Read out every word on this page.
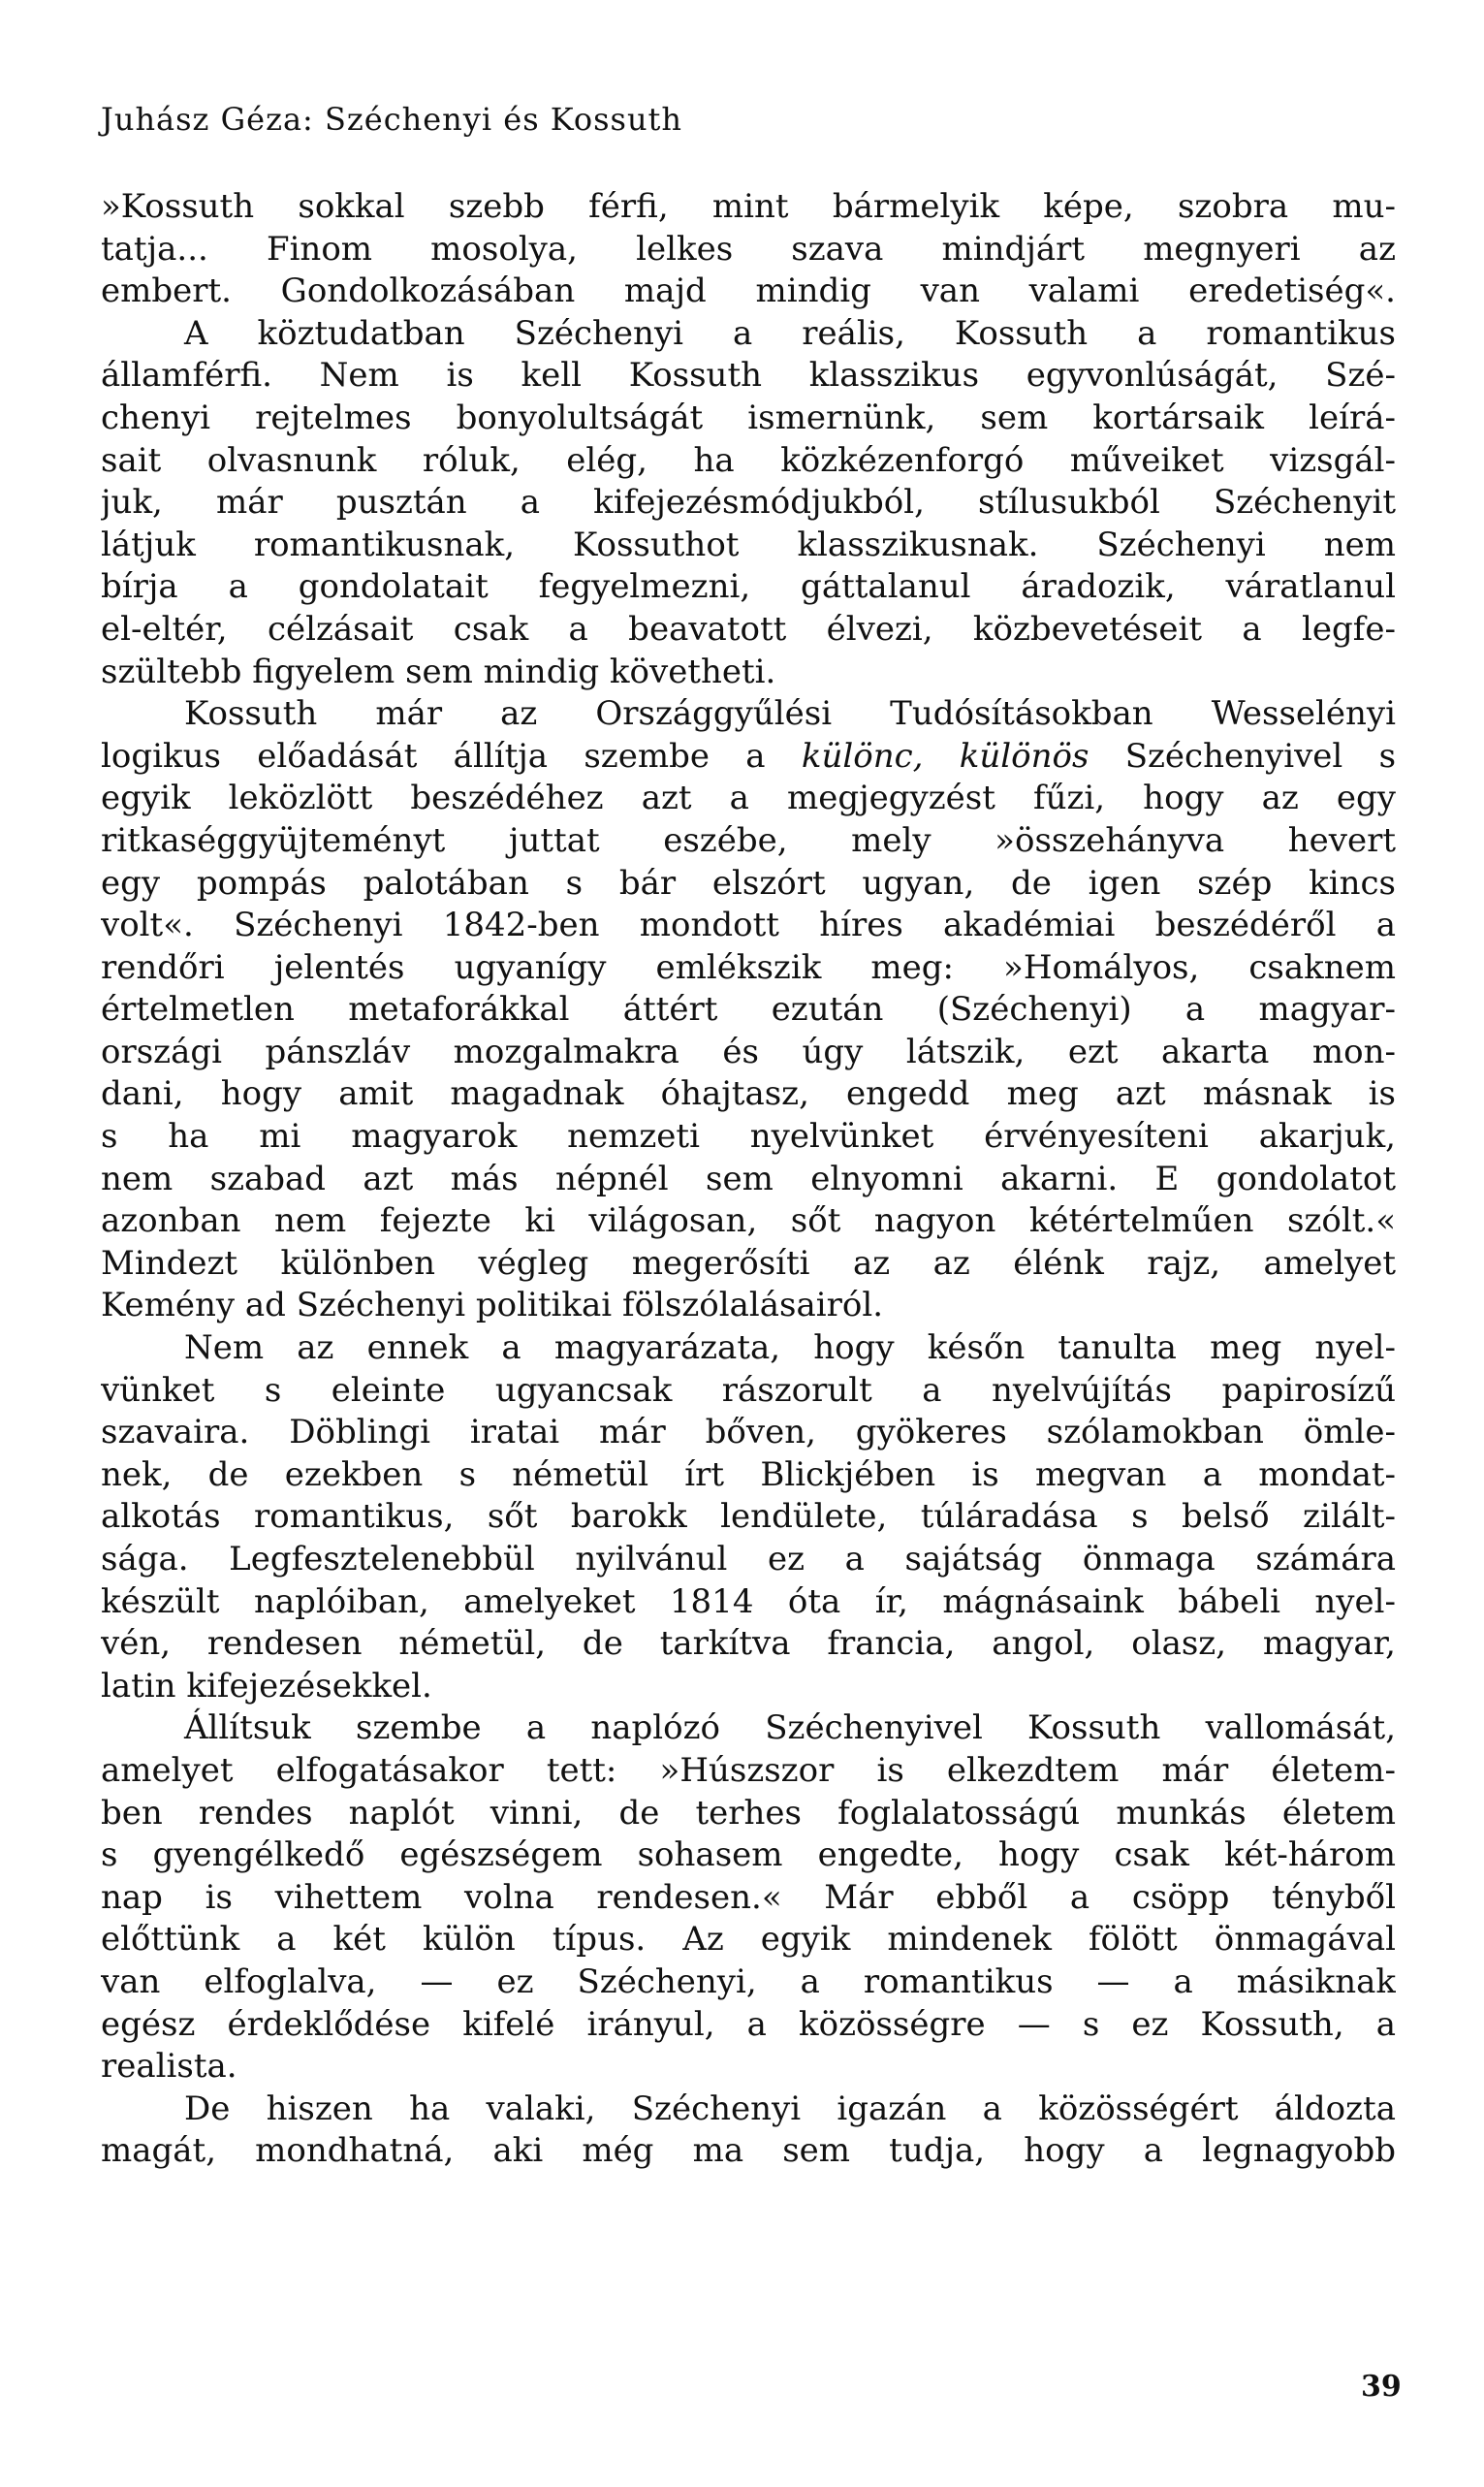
Juhász Géza: Széchenyi és Kossuth
»Kossuth sokkal szebb férfi, mint bármelyik képe, szobra mu-
tatja... Finom mosolya, lelkes szava mindjárt megnyeri az
embert. Gondolkozásában majd mindig van valami eredetiség«.
A köztudatban Széchenyi a reális, Kossuth a romantikus
államférfi. Nem is kell Kossuth klasszikus egyvonlúságát, Szé-
chenyi rejtelmes bonyolultságát ismernünk, sem kortársaik leírá-
sait olvasnunk róluk, elég, ha közkézenforgó műveiket vizsgál-
juk, már pusztán a kifejezésmódjukból, stílusukból Széchenyit
látjuk romantikusnak, Kossuthot klasszikusnak. Széchenyi nem
bírja a gondolatait fegyelmezni, gáttalanul áradozik, váratlanul
el-eltér, célzásait csak a beavatott élvezi, közbevetéseit a legfe-
szültebb figyelem sem mindig követheti.
Kossuth már az Országgyűlési Tudósításokban Wesselényi
logikus előadását állítja szembe a különc, különös Széchenyivel s
egyik leközlött beszédéhez azt a megjegyzést fűzi, hogy az egy
ritkaséggyüjteményt juttat eszébe, mely »összehányva hevert
egy pompás palotában s bár elszórt ugyan, de igen szép kincs
volt«. Széchenyi 1842-ben mondott híres akadémiai beszédéről a
rendőri jelentés ugyanígy emlékszik meg: »Homályos, csaknem
értelmetlen metaforákkal áttért ezután (Széchenyi) a magyar-
országi pánszláv mozgalmakra és úgy látszik, ezt akarta mon-
dani, hogy amit magadnak óhajtasz, engedd meg azt másnak is
s ha mi magyarok nemzeti nyelvünket érvényesíteni akarjuk,
nem szabad azt más népnél sem elnyomni akarni. E gondolatot
azonban nem fejezte ki világosan, sőt nagyon kétértelműen szólt.«
Mindezt különben végleg megerősíti az az élénk rajz, amelyet
Kemény ad Széchenyi politikai fölszólalásairól.
Nem az ennek a magyarázata, hogy későn tanulta meg nyel-
vünket s eleinte ugyancsak rászorult a nyelvújítás papirosízű
szavaira. Döblingi iratai már bőven, gyökeres szólamokban ömle-
nek, de ezekben s németül írt Blickjében is megvan a mondat-
alkotás romantikus, sőt barokk lendülete, túláradása s belső zilált-
sága. Legfesztelenebbül nyilvánul ez a sajátság önmaga számára
készült naplóiban, amelyeket 1814 óta ír, mágnásaink bábeli nyel-
vén, rendesen németül, de tarkítva francia, angol, olasz, magyar,
latin kifejezésekkel.
Állítsuk szembe a naplózó Széchenyivel Kossuth vallomását,
amelyet elfogatásakor tett: »Húszszor is elkezdtem már életem-
ben rendes naplót vinni, de terhes foglalatosságú munkás életem
s gyengélkedő egészségem sohasem engedte, hogy csak két-három
nap is vihettem volna rendesen.« Már ebből a csöpp tényből
előttünk a két külön típus. Az egyik mindenek fölött önmagával
van elfoglalva, — ez Széchenyi, a romantikus — a másiknak
egész érdeklődése kifelé irányul, a közösségre — s ez Kossuth, a
realista.
De hiszen ha valaki, Széchenyi igazán a közösségért áldozta
magát, mondhatná, aki még ma sem tudja, hogy a legnagyobb
39
